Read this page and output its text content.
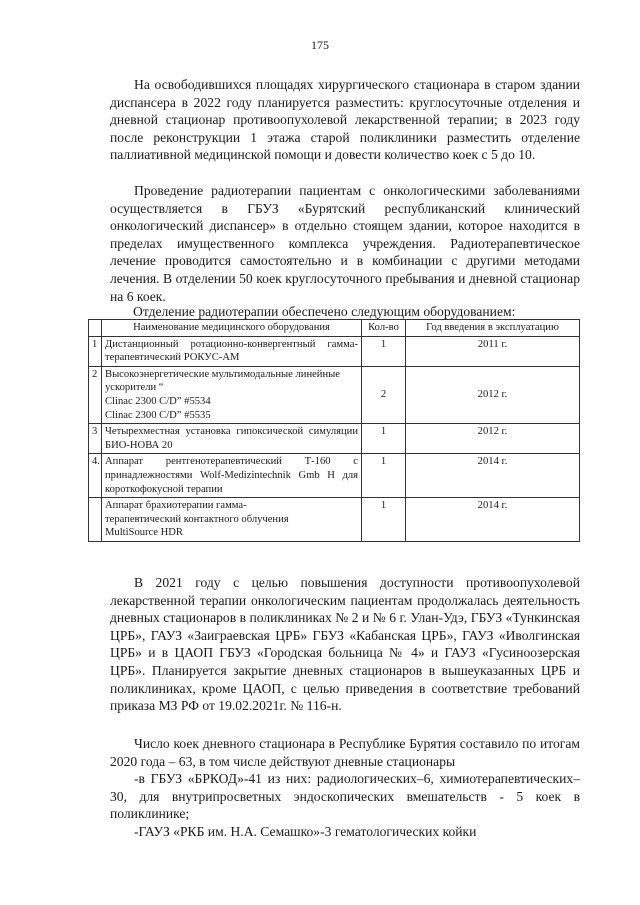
175

На освободившихся площадях хирургического стационара в старом здании диспансера в 2022 году планируется разместить: круглосуточные отделения и дневной стационар противоопухолевой лекарственной терапии; в 2023 году после реконструкции 1 этажа старой поликлиники разместить отделение паллиативной медицинской помощи и довести количество коек с 5 до 10.

Проведение радиотерапии пациентам с онкологическими заболеваниями осуществляется в ГБУЗ «Бурятский республиканский клинический онкологический диспансер» в отдельно стоящем здании, которое находится в пределах имущественного комплекса учреждения. Радиотерапевтическое лечение проводится самостоятельно и в комбинации с другими методами лечения. В отделении 50 коек круглосуточного пребывания и дневной стационар на 6 коек.

Отделение радиотерапии обеспечено следующим оборудованием:
	Наименование медицинского оборудования	Кол-во	Год введения в эксплуатацию
1	Дистанционный ротационно-конвергентный гамма-терапевтический РОКУС-АМ	1	2011 г.
2	Высокоэнергетические мультимодальные линейные ускорители “
Clinac 2300 C/D” #5534
Clinac 2300 C/D” #5535	2	2012 г.
3	Четырехместная установка гипоксической симуляции БИО-НОВА 20	1	2012 г.
4.	Аппарат рентгенотерапевтический Т-160 с принадлежностями Wolf-Medizintechnik Gmb H для короткофокусной терапии	1	2014 г.

	Аппарат брахиотерапии гамма-
терапевтический контактного облучения
MultiSource HDR	1	2014 г.

В 2021 году с целью повышения доступности противоопухолевой лекарственной терапии онкологическим пациентам продолжалась деятельность дневных стационаров в поликлиниках № 2 и № 6 г. Улан-Удэ, ГБУЗ «Тункинская ЦРБ», ГАУЗ «Заиграевская ЦРБ» ГБУЗ «Кабанская ЦРБ», ГАУЗ «Иволгинская ЦРБ» и в ЦАОП ГБУЗ «Городская больница № 4» и ГАУЗ «Гусиноозерская ЦРБ». Планируется закрытие дневных стационаров в вышеуказанных ЦРБ и поликлиниках, кроме ЦАОП, с целью приведения в соответствие требований приказа МЗ РФ от 19.02.2021г. № 116-н.

Число коек дневного стационара в Республике Бурятия составило по итогам 2020 года – 63, в том числе действуют дневные стационары

-в ГБУЗ «БРКОД»-41 из них: радиологических–6, химиотерапевтических–30, для внутрипросветных эндоскопических вмешательств - 5 коек в поликлинике;

-ГАУЗ «РКБ им. Н.А. Семашко»-3 гематологических койки
